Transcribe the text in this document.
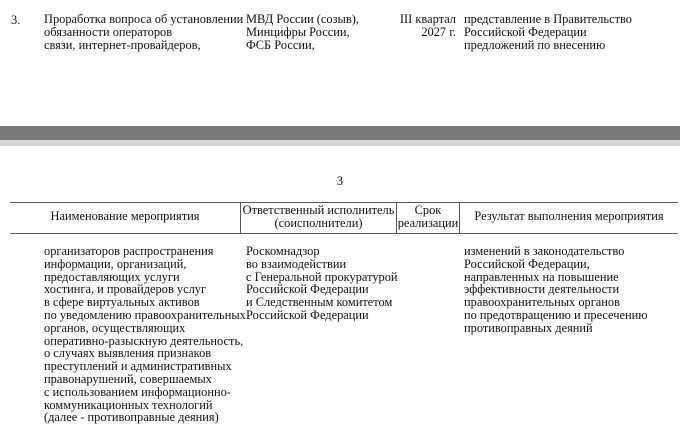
3. Проработка вопроса об установлении
обязанности операторов
связи, интернет-провайдеров,
МВД России (созыв),
Минцифры России,
ФСБ России,
III квартал
2027 г.
представление в Правительство
Российской Федерации
предложений по внесению
3
Наименование мероприятия	Ответственный исполнитель
(соисполнители)
Срок
реализации	Результат выполнения мероприятия
организаторов распространения
информации, организаций,
предоставляющих услуги
хостинга, и провайдеров услуг
в сфере виртуальных активов
по уведомлению правоохранительных
органов, осуществляющих
оперативно-разыскную деятельность,
о случаях выявления признаков
преступлений и административных
правонарушений, совершаемых
с использованием информационно-
коммуникационных технологий
(далее - противоправные деяния)
Роскомнадзор
во взаимодействии
с Генеральной прокуратурой
Российской Федерации
и Следственным комитетом
Российской Федерации
изменений в законодательство
Российской Федерации,
направленных на повышение
эффективности деятельности
правоохранительных органов
по предотвращению и пресечению
противоправных деяний
